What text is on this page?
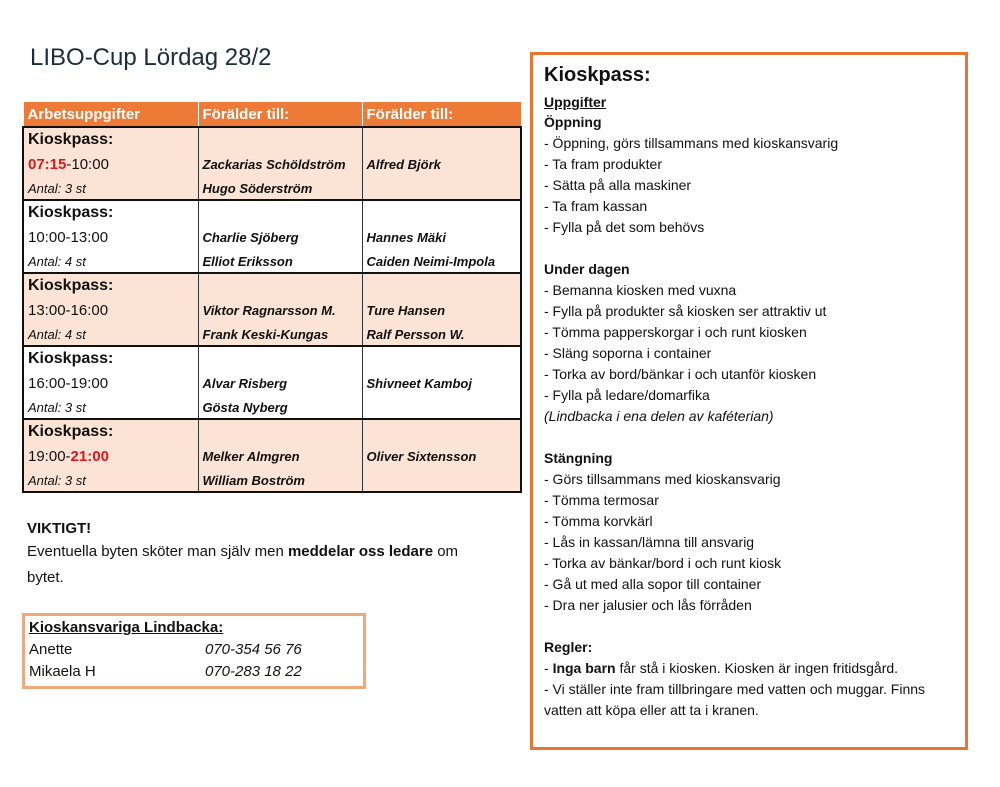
LIBO-Cup Lördag 28/2
Arbetsuppgifter	Förälder till:	Förälder till:
Kioskpass:		
07:15-10:00	Zackarias Schöldström	Alfred Björk
Antal: 3 st	Hugo Söderström	
Kioskpass:		
10:00-13:00	Charlie Sjöberg	Hannes Mäki
Antal: 4 st	Elliot Eriksson	Caiden Neimi-Impola
Kioskpass:		
13:00-16:00	Viktor Ragnarsson M.	Ture Hansen
Antal: 4 st	Frank Keski-Kungas	Ralf Persson W.
Kioskpass:		
16:00-19:00	Alvar Risberg	Shivneet Kamboj
Antal: 3 st	Gösta Nyberg	
Kioskpass:		
19:00-21:00	Melker Almgren	Oliver Sixtensson
Antal: 3 st	William Boström	
VIKTIGT!
Eventuella byten sköter man själv men meddelar oss ledare om
bytet.
Kioskansvariga Lindbacka:
Anette	070-354 56 76
Mikaela H	070-283 18 22
Kioskpass:
Uppgifter
Öppning
- Öppning, görs tillsammans med kioskansvarig
- Ta fram produkter
- Sätta på alla maskiner
- Ta fram kassan
- Fylla på det som behövs
Under dagen
- Bemanna kiosken med vuxna
- Fylla på produkter så kiosken ser attraktiv ut
- Tömma papperskorgar i och runt kiosken
- Släng soporna i container
- Torka av bord/bänkar i och utanför kiosken
- Fylla på ledare/domarfika
(Lindbacka i ena delen av kaféterian)
Stängning
- Görs tillsammans med kioskansvarig
- Tömma termosar
- Tömma korvkärl
- Lås in kassan/lämna till ansvarig
- Torka av bänkar/bord i och runt kiosk
- Gå ut med alla sopor till container
- Dra ner jalusier och lås förråden
Regler:
- Inga barn får stå i kiosken. Kiosken är ingen fritidsgård.
- Vi ställer inte fram tillbringare med vatten och muggar. Finns vatten att köpa eller att ta i kranen.
